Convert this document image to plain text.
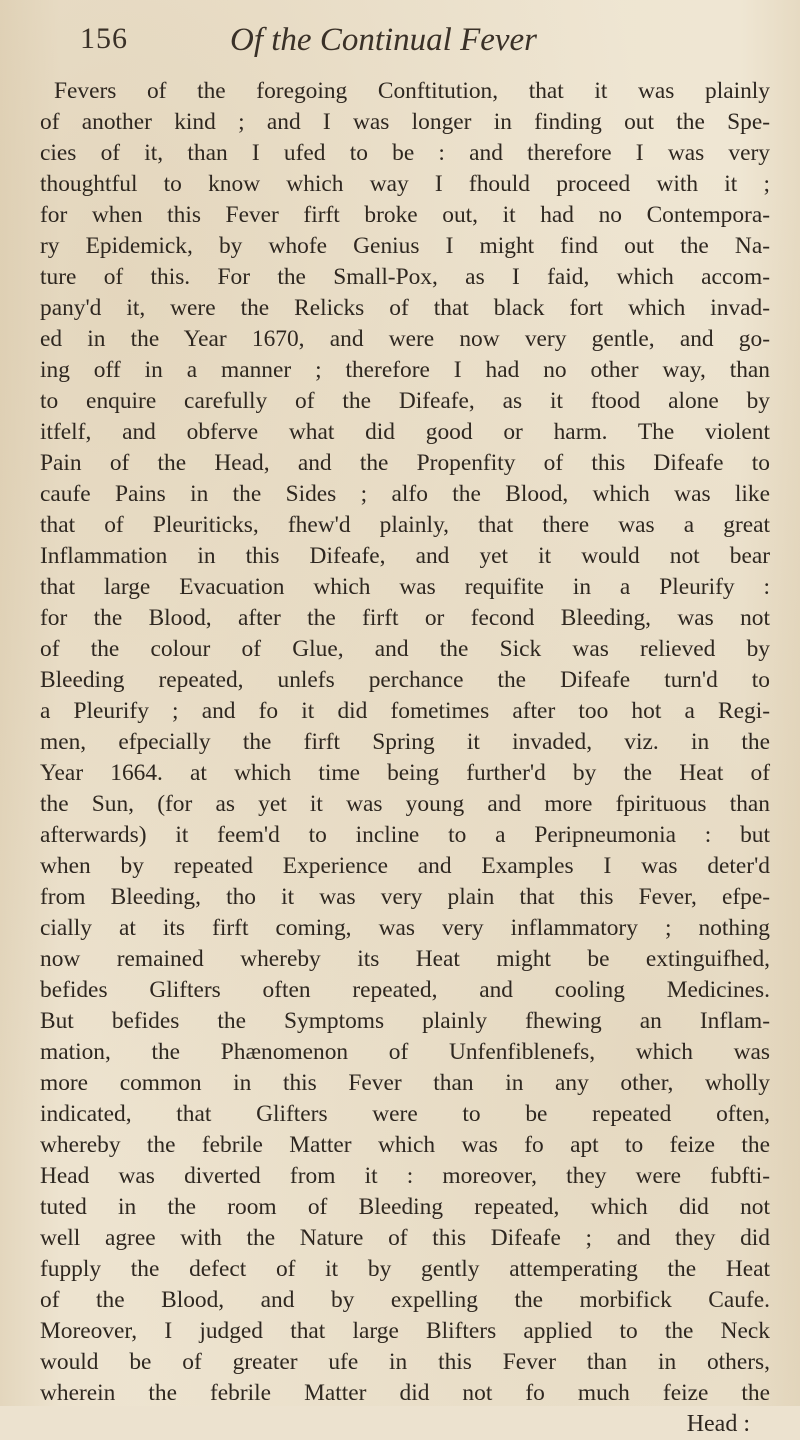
156	Of the Continual Fever
Fevers of the foregoing Conftitution, that it was plainly
of another kind ; and I was longer in finding out the Spe-
cies of it, than I ufed to be : and therefore I was very
thoughtful to know which way I fhould proceed with it ;
for when this Fever firft broke out, it had no Contempora-
ry Epidemick, by whofe Genius I might find out the Na-
ture of this. For the Small-Pox, as I faid, which accom-
pany'd it, were the Relicks of that black fort which invad-
ed in the Year 1670, and were now very gentle, and go-
ing off in a manner ; therefore I had no other way, than
to enquire carefully of the Difeafe, as it ftood alone by
itfelf, and obferve what did good or harm. The violent
Pain of the Head, and the Propenfity of this Difeafe to
caufe Pains in the Sides ; alfo the Blood, which was like
that of Pleuriticks, fhew'd plainly, that there was a great
Inflammation in this Difeafe, and yet it would not bear
that large Evacuation which was requifite in a Pleurify :
for the Blood, after the firft or fecond Bleeding, was not
of the colour of Glue, and the Sick was relieved by
Bleeding repeated, unlefs perchance the Difeafe turn'd to
a Pleurify ; and fo it did fometimes after too hot a Regi-
men, efpecially the firft Spring it invaded, viz. in the
Year 1664. at which time being further'd by the Heat of
the Sun, (for as yet it was young and more fpirituous than
afterwards) it feem'd to incline to a Peripneumonia : but
when by repeated Experience and Examples I was deter'd
from Bleeding, tho it was very plain that this Fever, efpe-
cially at its firft coming, was very inflammatory ; nothing
now remained whereby its Heat might be extinguifhed,
befides Glifters often repeated, and cooling Medicines.
But befides the Symptoms plainly fhewing an Inflam-
mation, the Phænomenon of Unfenfiblenefs, which was
more common in this Fever than in any other, wholly
indicated, that Glifters were to be repeated often,
whereby the febrile Matter which was fo apt to feize the
Head was diverted from it : moreover, they were fubfti-
tuted in the room of Bleeding repeated, which did not
well agree with the Nature of this Difeafe ; and they did
fupply the defect of it by gently attemperating the Heat
of the Blood, and by expelling the morbifick Caufe.
Moreover, I judged that large Blifters applied to the Neck
would be of greater ufe in this Fever than in others,
wherein the febrile Matter did not fo much feize the
Head :
